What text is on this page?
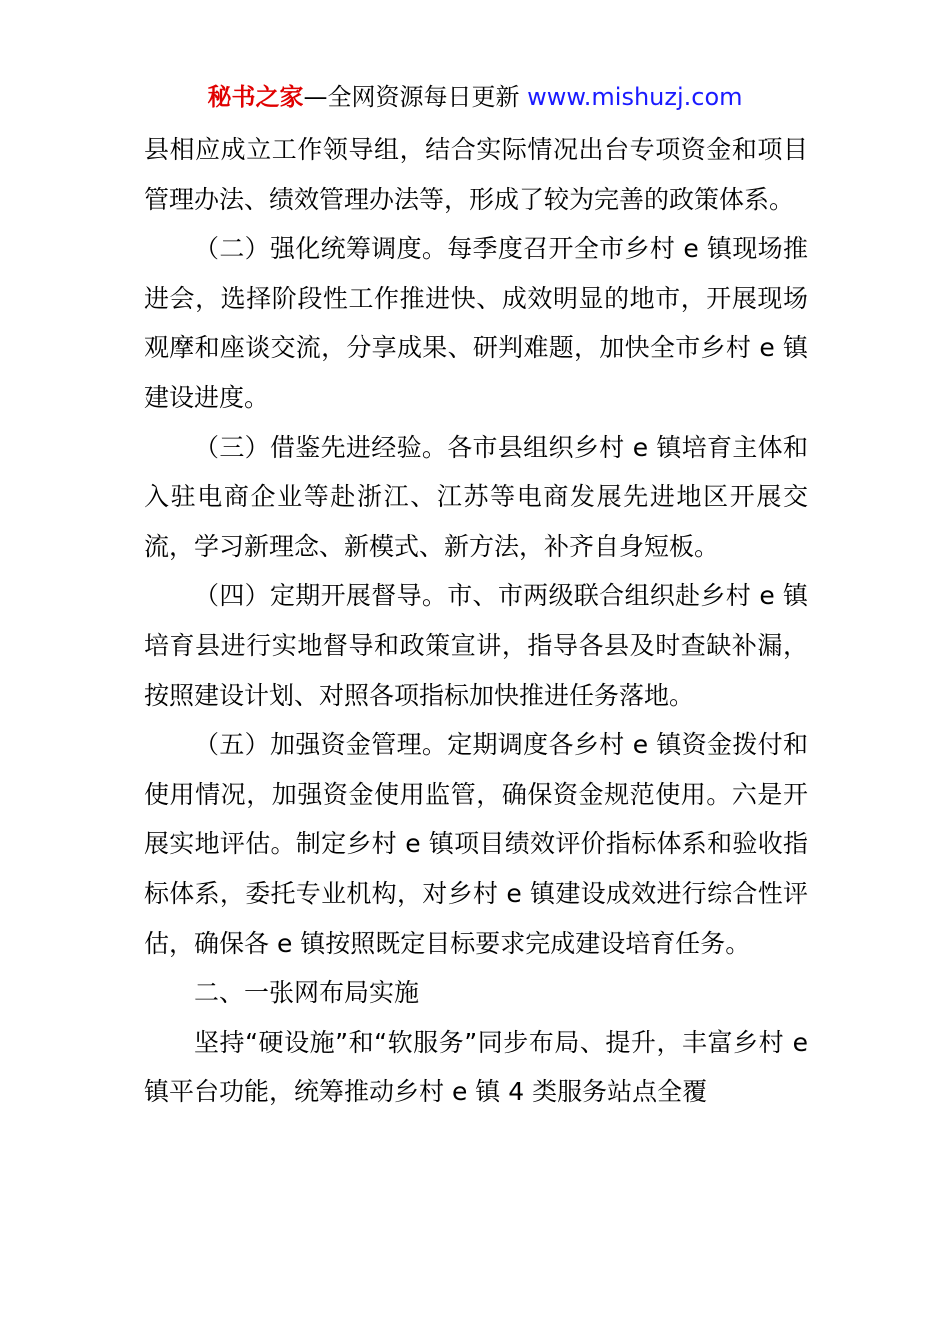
秘书之家—全网资源每日更新 www.mishuzj.com

县相应成立工作领导组，结合实际情况出台专项资金和项目管理办法、绩效管理办法等，形成了较为完善的政策体系。

（二）强化统筹调度。每季度召开全市乡村 e 镇现场推进会，选择阶段性工作推进快、成效明显的地市，开展现场观摩和座谈交流，分享成果、研判难题，加快全市乡村 e 镇建设进度。

（三）借鉴先进经验。各市县组织乡村 e 镇培育主体和入驻电商企业等赴浙江、江苏等电商发展先进地区开展交流，学习新理念、新模式、新方法，补齐自身短板。

（四）定期开展督导。市、市两级联合组织赴乡村 e 镇培育县进行实地督导和政策宣讲，指导各县及时查缺补漏，按照建设计划、对照各项指标加快推进任务落地。

（五）加强资金管理。定期调度各乡村 e 镇资金拨付和使用情况，加强资金使用监管，确保资金规范使用。六是开展实地评估。制定乡村 e 镇项目绩效评价指标体系和验收指标体系，委托专业机构，对乡村 e 镇建设成效进行综合性评估，确保各 e 镇按照既定目标要求完成建设培育任务。

二、一张网布局实施

坚持“硬设施”和“软服务”同步布局、提升，丰富乡村 e 镇平台功能，统筹推动乡村 e 镇 4 类服务站点全覆
